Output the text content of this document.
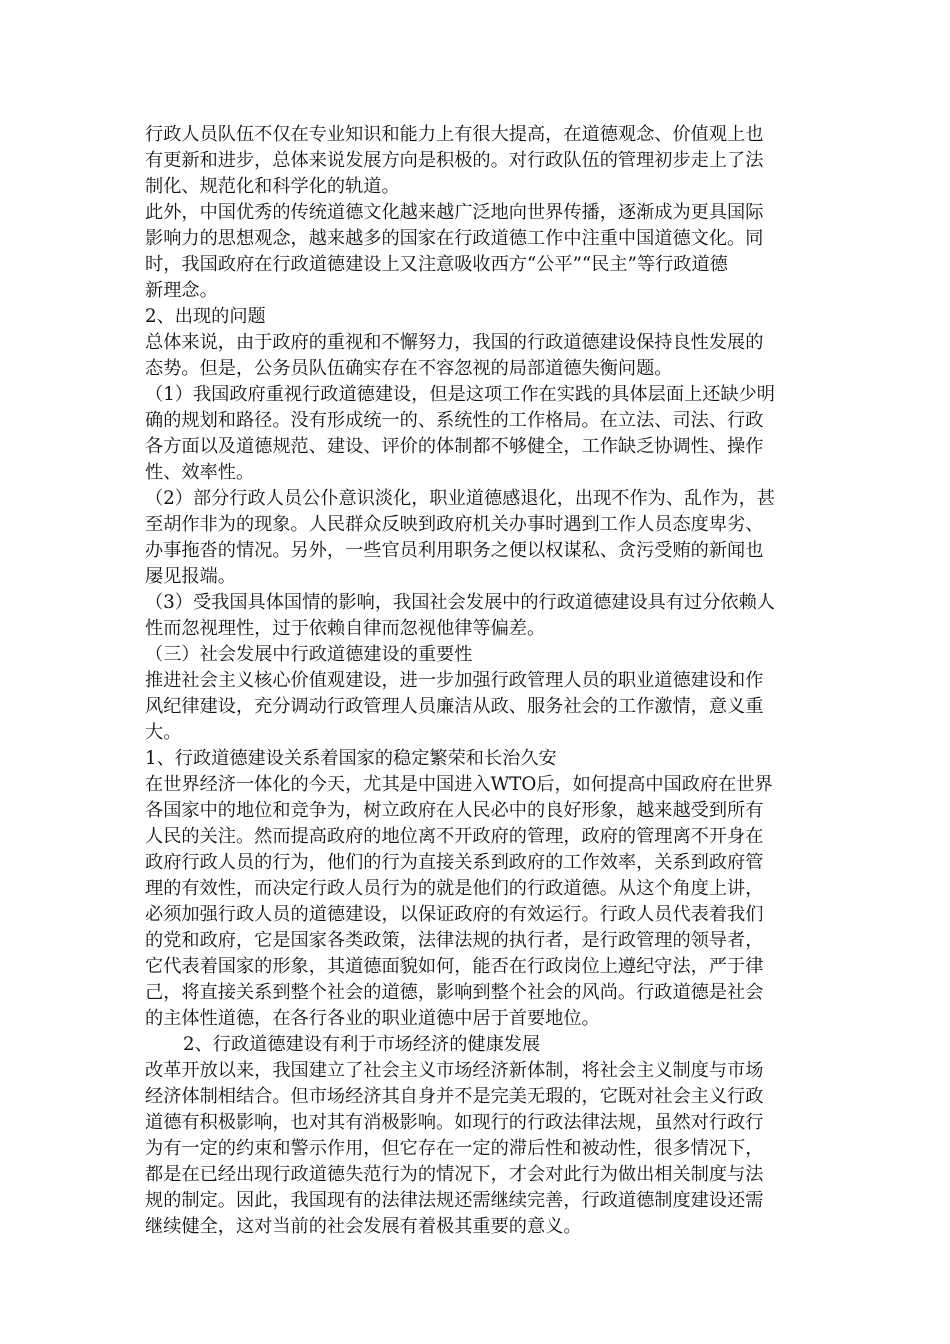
行政人员队伍不仅在专业知识和能力上有很大提高，在道德观念、价值观上也
有更新和进步，总体来说发展方向是积极的。对行政队伍的管理初步走上了法
制化、规范化和科学化的轨道。

此外，中国优秀的传统道德文化越来越广泛地向世界传播，逐渐成为更具国际
影响力的思想观念，越来越多的国家在行政道德工作中注重中国道德文化。同
时，我国政府在行政道德建设上又注意吸收西方“公平”“民主”等行政道德
新理念。

2、出现的问题

总体来说，由于政府的重视和不懈努力，我国的行政道德建设保持良性发展的
态势。但是，公务员队伍确实存在不容忽视的局部道德失衡问题。

（1）我国政府重视行政道德建设，但是这项工作在实践的具体层面上还缺少明
确的规划和路径。没有形成统一的、系统性的工作格局。在立法、司法、行政
各方面以及道德规范、建设、评价的体制都不够健全，工作缺乏协调性、操作
性、效率性。

（2）部分行政人员公仆意识淡化，职业道德感退化，出现不作为、乱作为，甚
至胡作非为的现象。人民群众反映到政府机关办事时遇到工作人员态度卑劣、
办事拖沓的情况。另外，一些官员利用职务之便以权谋私、贪污受贿的新闻也
屡见报端。

（3）受我国具体国情的影响，我国社会发展中的行政道德建设具有过分依赖人
性而忽视理性，过于依赖自律而忽视他律等偏差。

（三）社会发展中行政道德建设的重要性

推进社会主义核心价值观建设，进一步加强行政管理人员的职业道德建设和作
风纪律建设，充分调动行政管理人员廉洁从政、服务社会的工作激情，意义重
大。

1、行政道德建设关系着国家的稳定繁荣和长治久安

在世界经济一体化的今天，尤其是中国进入WTO后，如何提高中国政府在世界
各国家中的地位和竞争为，树立政府在人民必中的良好形象，越来越受到所有
人民的关注。然而提高政府的地位离不开政府的管理，政府的管理离不开身在
政府行政人员的行为，他们的行为直接关系到政府的工作效率，关系到政府管
理的有效性，而决定行政人员行为的就是他们的行政道德。从这个角度上讲，
必须加强行政人员的道德建设，以保证政府的有效运行。行政人员代表着我们
的党和政府，它是国家各类政策，法律法规的执行者，是行政管理的领导者，
它代表着国家的形象，其道德面貌如何，能否在行政岗位上遵纪守法，严于律
己，将直接关系到整个社会的道德，影响到整个社会的风尚。行政道德是社会
的主体性道德，在各行各业的职业道德中居于首要地位。

2、行政道德建设有利于市场经济的健康发展

改革开放以来，我国建立了社会主义市场经济新体制，将社会主义制度与市场
经济体制相结合。但市场经济其自身并不是完美无瑕的，它既对社会主义行政
道德有积极影响，也对其有消极影响。如现行的行政法律法规，虽然对行政行
为有一定的约束和警示作用，但它存在一定的滞后性和被动性，很多情况下，
都是在已经出现行政道德失范行为的情况下，才会对此行为做出相关制度与法
规的制定。因此，我国现有的法律法规还需继续完善，行政道德制度建设还需
继续健全，这对当前的社会发展有着极其重要的意义。
